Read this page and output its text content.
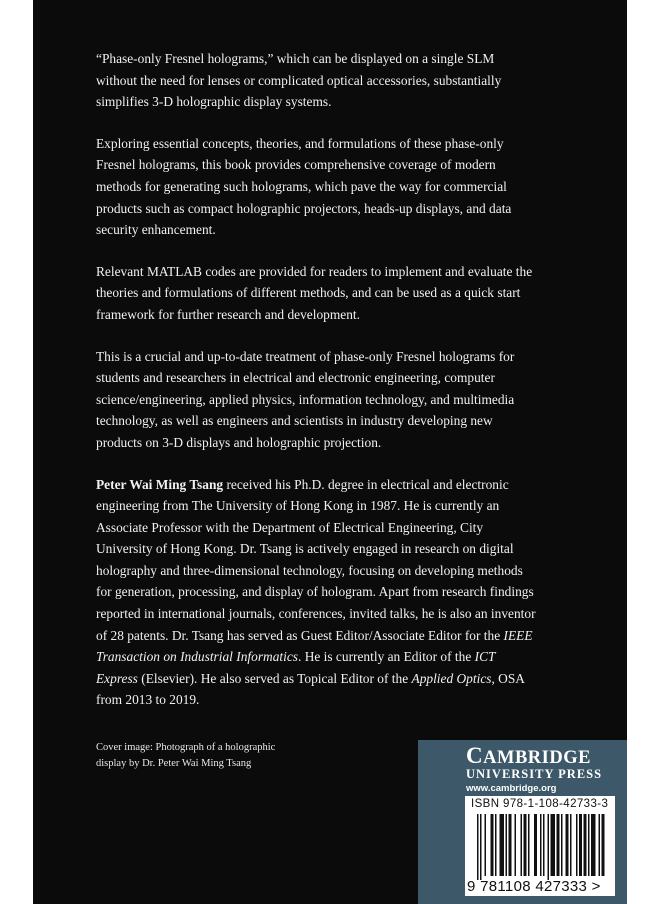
“Phase-only Fresnel holograms,” which can be displayed on a single SLM without the need for lenses or complicated optical accessories, substantially simplifies 3-D holographic display systems.

Exploring essential concepts, theories, and formulations of these phase-only Fresnel holograms, this book provides comprehensive coverage of modern methods for generating such holograms, which pave the way for commercial products such as compact holographic projectors, heads-up displays, and data security enhancement.

Relevant MATLAB codes are provided for readers to implement and evaluate the theories and formulations of different methods, and can be used as a quick start framework for further research and development.

This is a crucial and up-to-date treatment of phase-only Fresnel holograms for students and researchers in electrical and electronic engineering, computer science/engineering, applied physics, information technology, and multimedia technology, as well as engineers and scientists in industry developing new products on 3-D displays and holographic projection.

Peter Wai Ming Tsang received his Ph.D. degree in electrical and electronic engineering from The University of Hong Kong in 1987. He is currently an Associate Professor with the Department of Electrical Engineering, City University of Hong Kong. Dr. Tsang is actively engaged in research on digital holography and three-dimensional technology, focusing on developing methods for generation, processing, and display of hologram. Apart from research findings reported in international journals, conferences, invited talks, he is also an inventor of 28 patents. Dr. Tsang has served as Guest Editor/Associate Editor for the IEEE Transaction on Industrial Informatics. He is currently an Editor of the ICT Express (Elsevier). He also served as Topical Editor of the Applied Optics, OSA from 2013 to 2019.

Cover image: Photograph of a holographic
display by Dr. Peter Wai Ming Tsang	CAMBRIDGE
UNIVERSITY PRESS
www.cambridge.org
ISBN 978-1-108-42733-3
9 781108 427333 >
